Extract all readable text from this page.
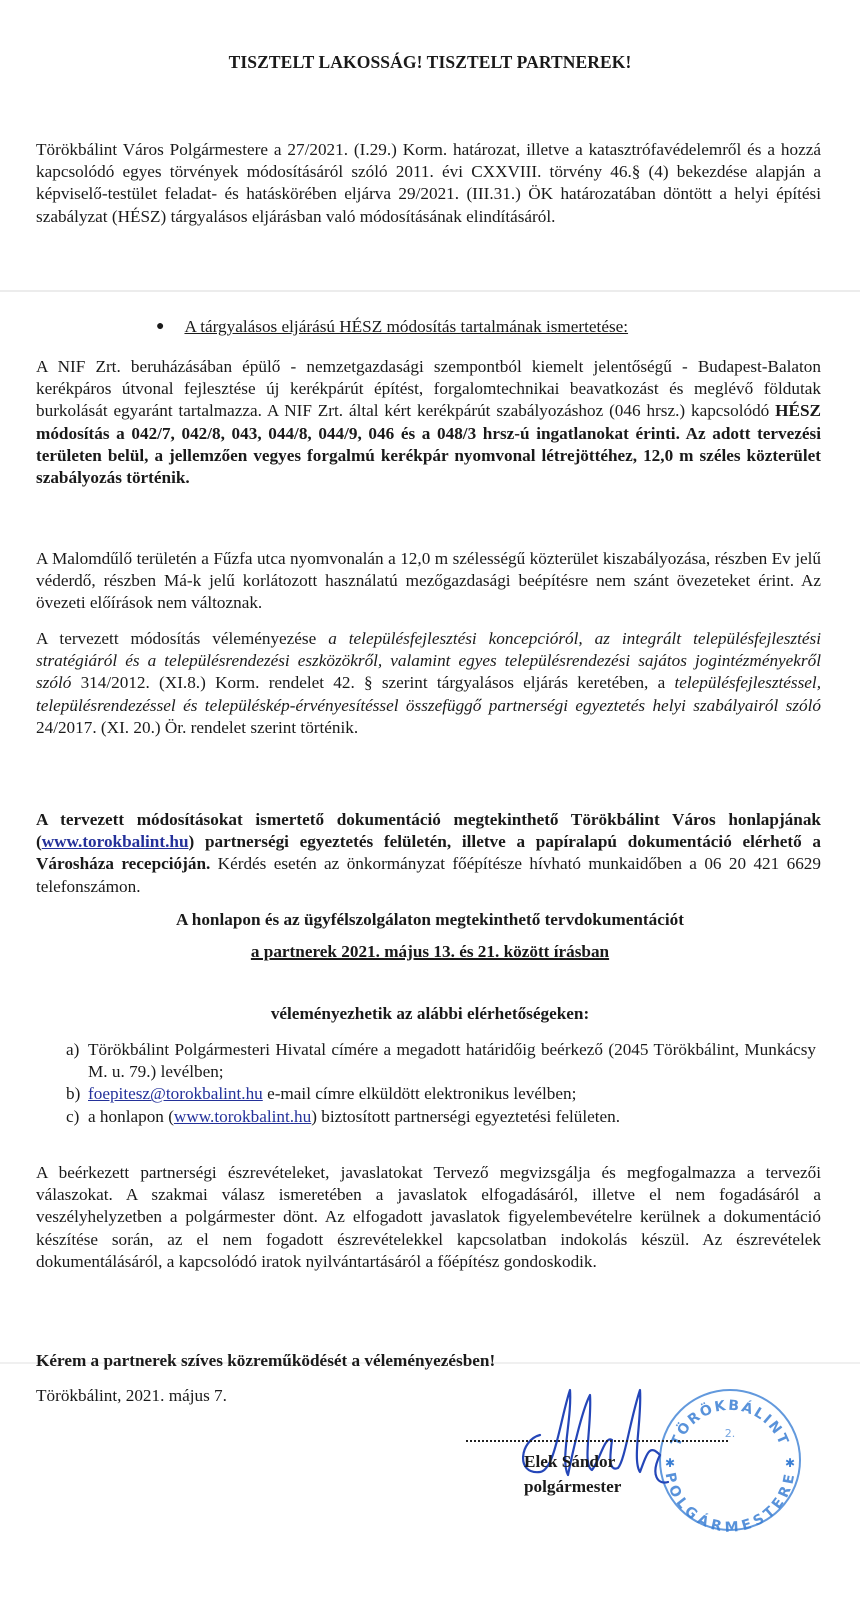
TISZTELT LAKOSSÁG! TISZTELT PARTNEREK!
Törökbálint Város Polgármestere a 27/2021. (I.29.) Korm. határozat, illetve a katasztrófavédelemről és a hozzá kapcsolódó egyes törvények módosításáról szóló 2011. évi CXXVIII. törvény 46.§ (4) bekezdése alapján a képviselő-testület feladat- és hatáskörében eljárva 29/2021. (III.31.) ÖK határozatában döntött a helyi építési szabályzat (HÉSZ) tárgyalásos eljárásban való módosításának elindításáról.
● A tárgyalásos eljárású HÉSZ módosítás tartalmának ismertetése:
A NIF Zrt. beruházásában épülő - nemzetgazdasági szempontból kiemelt jelentőségű - Budapest-Balaton kerékpáros útvonal fejlesztése új kerékpárút építést, forgalomtechnikai beavatkozást és meglévő földutak burkolását egyaránt tartalmazza. A NIF Zrt. által kért kerékpárút szabályozáshoz (046 hrsz.) kapcsolódó HÉSZ módosítás a 042/7, 042/8, 043, 044/8, 044/9, 046 és a 048/3 hrsz-ú ingatlanokat érinti. Az adott tervezési területen belül, a jellemzően vegyes forgalmú kerékpár nyomvonal létrejöttéhez, 12,0 m széles közterület szabályozás történik.
A Malomdűlő területén a Fűzfa utca nyomvonalán a 12,0 m szélességű közterület kiszabályozása, részben Ev jelű véderdő, részben Má-k jelű korlátozott használatú mezőgazdasági beépítésre nem szánt övezeteket érint. Az övezeti előírások nem változnak.
A tervezett módosítás véleményezése a településfejlesztési koncepcióról, az integrált településfejlesztési stratégiáról és a településrendezési eszközökről, valamint egyes településrendezési sajátos jogintézményekről szóló 314/2012. (XI.8.) Korm. rendelet 42. § szerint tárgyalásos eljárás keretében, a településfejlesztéssel, településrendezéssel és településkép-érvényesítéssel összefüggő partnerségi egyeztetés helyi szabályairól szóló 24/2017. (XI. 20.) Ör. rendelet szerint történik.
A tervezett módosításokat ismertető dokumentáció megtekinthető Törökbálint Város honlapjának (www.torokbalint.hu) partnerségi egyeztetés felületén, illetve a papíralapú dokumentáció elérhető a Városháza recepcióján. Kérdés esetén az önkormányzat főépítésze hívható munkaidőben a 06 20 421 6629 telefonszámon.
A honlapon és az ügyfélszolgálaton megtekinthető tervdokumentációt
a partnerek 2021. május 13. és 21. között írásban
véleményezhetik az alábbi elérhetőségeken:
a) Törökbálint Polgármesteri Hivatal címére a megadott határidőig beérkező (2045 Törökbálint, Munkácsy M. u. 79.) levélben;
b) foepitesz@torokbalint.hu e-mail címre elküldött elektronikus levélben;
c) a honlapon (www.torokbalint.hu) biztosított partnerségi egyeztetési felületen.
A beérkezett partnerségi észrevételeket, javaslatokat Tervező megvizsgálja és megfogalmazza a tervezői válaszokat. A szakmai válasz ismeretében a javaslatok elfogadásáról, illetve el nem fogadásáról a veszélyhelyzetben a polgármester dönt. Az elfogadott javaslatok figyelembevételre kerülnek a dokumentáció készítése során, az el nem fogadott észrevételekkel kapcsolatban indokolás készül. Az észrevételek dokumentálásáról, a kapcsolódó iratok nyilvántartásáról a főépítész gondoskodik.
Kérem a partnerek szíves közreműködését a véleményezésben!
Törökbálint, 2021. május 7.
TÖRÖKBÁLINT
POLGÁRMESTERE
2.
✱	✱
Elek Sándor
polgármester
